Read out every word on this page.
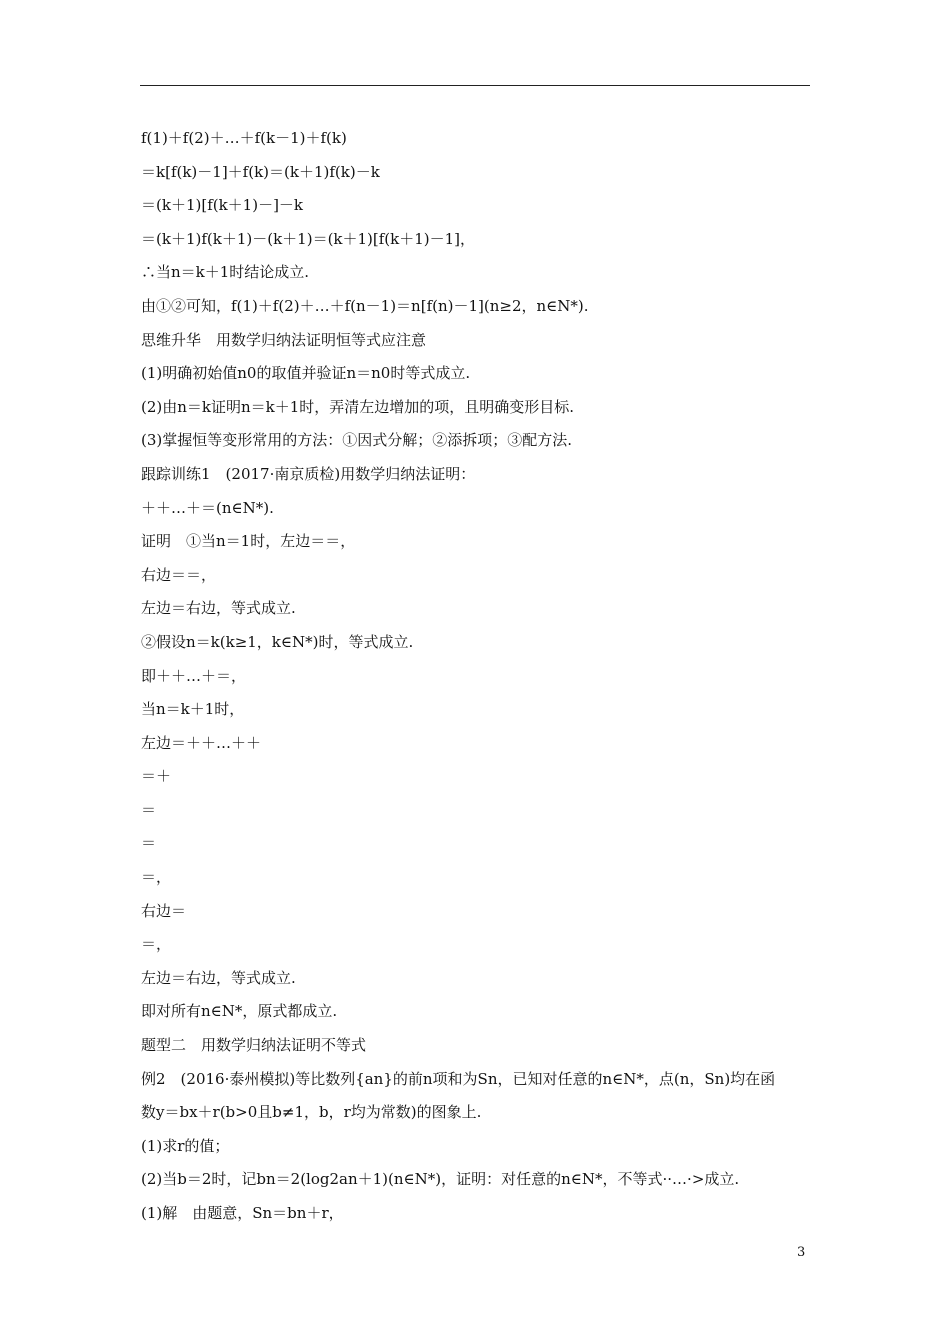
f(1)＋f(2)＋…＋f(k－1)＋f(k)
＝k[f(k)－1]＋f(k)＝(k＋1)f(k)－k
＝(k＋1)[f(k＋1)－]－k
＝(k＋1)f(k＋1)－(k＋1)＝(k＋1)[f(k＋1)－1]，
∴当n＝k＋1时结论成立.
由①②可知，f(1)＋f(2)＋…＋f(n－1)＝n[f(n)－1](n≥2，n∈N*).
思维升华　用数学归纳法证明恒等式应注意
(1)明确初始值n0的取值并验证n＝n0时等式成立.
(2)由n＝k证明n＝k＋1时，弄清左边增加的项，且明确变形目标.
(3)掌握恒等变形常用的方法：①因式分解；②添拆项；③配方法.
跟踪训练1　(2017·南京质检)用数学归纳法证明：
＋＋…＋＝(n∈N*).
证明　①当n＝1时，左边＝＝，
右边＝＝，
左边＝右边，等式成立.
②假设n＝k(k≥1，k∈N*)时，等式成立.
即＋＋…＋＝，
当n＝k＋1时，
左边＝＋＋…＋＋
＝＋
＝
＝
＝，
右边＝
＝，
左边＝右边，等式成立.
即对所有n∈N*，原式都成立.
题型二　用数学归纳法证明不等式
例2　(2016·泰州模拟)等比数列{an}的前n项和为Sn，已知对任意的n∈N*，点(n，Sn)均在函
数y＝bx＋r(b>0且b≠1，b，r均为常数)的图象上.
(1)求r的值；
(2)当b＝2时，记bn＝2(log2an＋1)(n∈N*)，证明：对任意的n∈N*，不等式··…·>成立.
(1)解　由题意，Sn＝bn＋r，
3
